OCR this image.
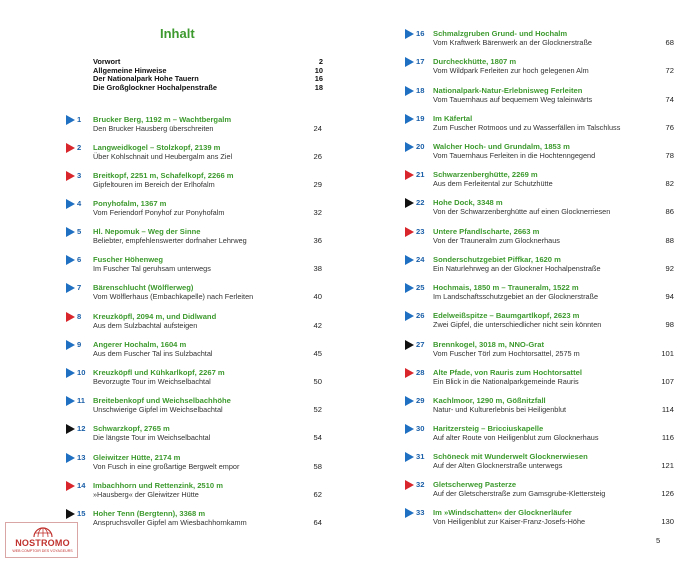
Inhalt
Vorwort	2
Allgemeine Hinweise	10
Der Nationalpark Hohe Tauern	16
Die Großglockner Hochalpenstraße	18
1 Brucker Berg, 1192 m – Wachtbergalm
Den Brucker Hausberg überschreiten	24
2 Langweidkogel – Stolzkopf, 2139 m
Über Kohlschnait und Heubergalm ans Ziel	26
3 Breitkopf, 2251 m, Schafelkopf, 2266 m
Gipfeltouren im Bereich der Erlhofalm	29
4 Ponyhofalm, 1367 m
Vom Feriendorf Ponyhof zur Ponyhofalm	32
5 Hl. Nepomuk – Weg der Sinne
Beliebter, empfehlenswerter dorfnaher Lehrweg	36
6 Fuscher Höhenweg
Im Fuscher Tal geruhsam unterwegs	38
7 Bärenschlucht (Wölflerweg)
Vom Wölflerhaus (Embachkapelle) nach Ferleiten	40
8 Kreuzköpfl, 2094 m, und Didlwand
Aus dem Sulzbachtal aufsteigen	42
9 Angerer Hochalm, 1604 m
Aus dem Fuscher Tal ins Sulzbachtal	45
10 Kreuzköpfl und Kühkarlkopf, 2267 m
Bevorzugte Tour im Weichselbachtal	50
11 Breitebenkopf und Weichselbachhöhe
Unschwierige Gipfel im Weichselbachtal	52
12 Schwarzkopf, 2765 m
Die längste Tour im Weichselbachtal	54
13 Gleiwitzer Hütte, 2174 m
Von Fusch in eine großartige Bergwelt empor	58
14 Imbachhorn und Rettenzink, 2510 m
»Hausberg« der Gleiwitzer Hütte	62
15 Hoher Tenn (Bergtenn), 3368 m
Anspruchsvoller Gipfel am Wiesbachhornkamm	64
16 Schmalzgruben Grund- und Hochalm
Vom Kraftwerk Bärenwerk an der Glocknerstraße	68
17 Durcheckhütte, 1807 m
Vom Wildpark Ferleiten zur hoch gelegenen Alm	72
18 Nationalpark-Natur-Erlebnisweg Ferleiten
Vom Tauernhaus auf bequemem Weg taleinwärts	74
19 Im Käfertal
Zum Fuscher Rotmoos und zu Wasserfällen im Talschluss	76
20 Walcher Hoch- und Grundalm, 1853 m
Vom Tauernhaus Ferleiten in die Hochtenngegend	78
21 Schwarzenberghütte, 2269 m
Aus dem Ferleitental zur Schutzhütte	82
22 Hohe Dock, 3348 m
Von der Schwarzenberghütte auf einen Glocknerriesen	86
23 Untere Pfandlscharte, 2663 m
Von der Trauneralm zum Glocknerhaus	88
24 Sonderschutzgebiet Piffkar, 1620 m
Ein Naturlehrweg an der Glockner Hochalpenstraße	92
25 Hochmais, 1850 m – Trauneralm, 1522 m
Im Landschaftsschutzgebiet an der Glocknerstraße	94
26 Edelweißspitze – Baumgartlkopf, 2623 m
Zwei Gipfel, die unterschiedlicher nicht sein könnten	98
27 Brennkogel, 3018 m, NNO-Grat
Vom Fuscher Törl zum Hochtorsattel, 2575 m	101
28 Alte Pfade, von Rauris zum Hochtorsattel
Ein Blick in die Nationalparkgemeinde Rauris	107
29 Kachlmoor, 1290 m, Gößnitzfall
Natur- und Kulturerlebnis bei Heiligenblut	114
30 Haritzersteig – Bricciuskapelle
Auf alter Route von Heiligenblut zum Glocknerhaus	116
31 Schöneck mit Wunderwelt Glocknerwiesen
Auf der Alten Glocknerstraße unterwegs	121
32 Gletscherweg Pasterze
Auf der Gletscherstraße zum Gamsgrube-Klettersteig	126
33 Im »Windschatten« der Glocknerläufer
Von Heiligenblut zur Kaiser-Franz-Josefs-Höhe	130
5
NOSTROMO
WEB COMPTOIR DES VOYAGEURS
